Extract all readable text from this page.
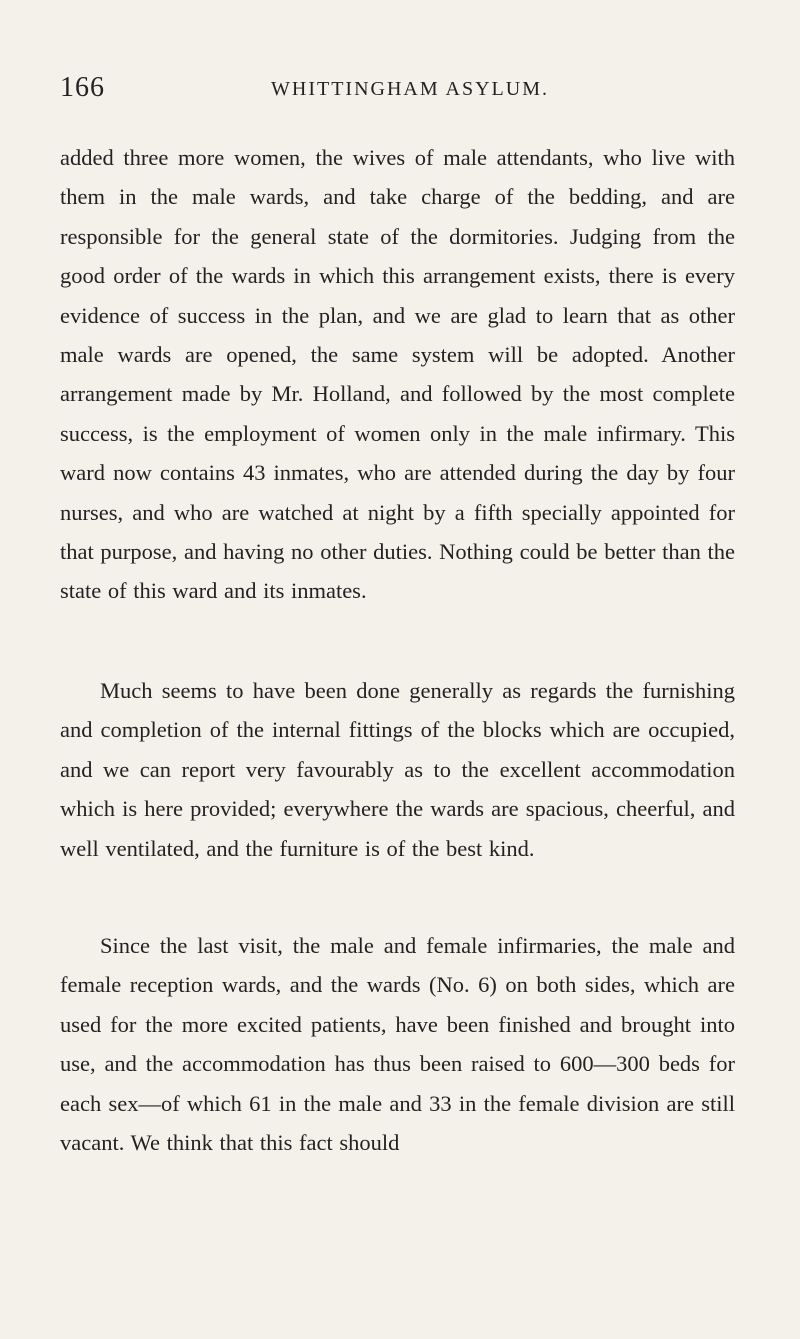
166	WHITTINGHAM ASYLUM.

added three more women, the wives of male attendants, who live with them in the male wards, and take charge of the bedding, and are responsible for the general state of the dormitories. Judging from the good order of the wards in which this arrangement exists, there is every evidence of success in the plan, and we are glad to learn that as other male wards are opened, the same system will be adopted. Another arrangement made by Mr. Holland, and followed by the most complete success, is the employment of women only in the male infirmary. This ward now contains 43 inmates, who are attended during the day by four nurses, and who are watched at night by a fifth specially appointed for that purpose, and having no other duties. Nothing could be better than the state of this ward and its inmates.

Much seems to have been done generally as regards the furnishing and completion of the internal fittings of the blocks which are occupied, and we can report very favourably as to the excellent accommodation which is here provided; everywhere the wards are spacious, cheerful, and well ventilated, and the furniture is of the best kind.

Since the last visit, the male and female infirmaries, the male and female reception wards, and the wards (No. 6) on both sides, which are used for the more excited patients, have been finished and brought into use, and the accommodation has thus been raised to 600—300 beds for each sex—of which 61 in the male and 33 in the female division are still vacant. We think that this fact should
